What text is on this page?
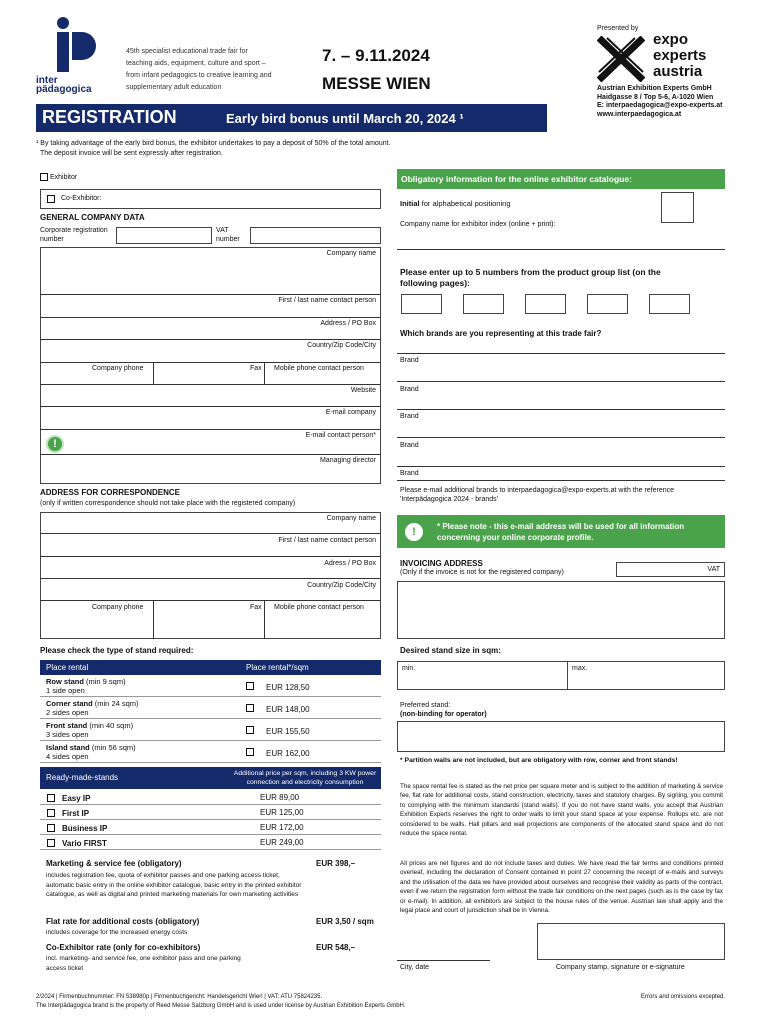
inter
pädagogica
45th specialist educational trade fair for teaching aids, equipment, culture and sport – from infant pedagogics to creative learning and supplementary adult education
7. – 9.11.2024
MESSE WIEN
Presented by
expo
experts
austria
Austrian Exhibition Experts GmbH
Haidgasse 8 / Top 5-6, A-1020 Wien
E: interpaedagogica@expo-experts.at
www.interpaedagogica.at
REGISTRATION	Early bird bonus until March 20, 2024 ¹
¹ By taking advantage of the early bird bonus, the exhibitor undertakes to pay a deposit of 50% of the total amount.
The deposit invoice will be sent expressly after registration.
Exhibitor
Co-Exhibitor:
GENERAL COMPANY DATA
Corporate registration number
VAT number
Company name
First / last name contact person
Address / PO Box
Country/Zip Code/City
Company phone	Fax Mobile phone contact person
Website
E-mail company
E-mail contact person*
!
Managing director
ADDRESS FOR CORRESPONDENCE
(only if written correspondence should not take place with the registered company)
Company name
First / last name contact person
Adress / PO Box
Country/Zip Code/City
Company phone	Fax Mobile phone contact person
Obligatory information for the online exhibitor catalogue:
Initial for alphabetical positioning
Company name for exhibitor index (online + print):
Please enter up to 5 numbers from the product group list (on the following pages):
Which brands are you representing at this trade fair?
Brand
Brand
Brand
Brand
Brand
Please e-mail additional brands to interpaedagogica@expo-experts.at with the reference 'Interpädagogica 2024 - brands'
!	* Please note - this e-mail address will be used for all information concerning your online corporate profile.
INVOICING ADDRESS
(Only if the invoice is not for the registered company)	VAT
Please check the type of stand required:
Place rental	Place rental*/sqm
Row stand (min 9 sqm)
1 side open	EUR 128,50
Corner stand (min 24 sqm)
2 sides open	EUR 148,00
Front stand (min 40 sqm)
3 sides open	EUR 155,50
Island stand (min 56 sqm)
4 sides open	EUR 162,00
Ready-made-stands	Additional price per sqm, including 3 KW power connection and electricity consumption
Easy IP	EUR 89,00
First IP	EUR 125,00
Business IP	EUR 172,00
Vario FIRST	EUR 249,00
Marketing & service fee (obligatory)	EUR 398,–
includes registration fee, quota of exhibitor passes and one parking access ticket, automatic basic entry in the online exhibitor catalogue, basic entry in the printed exhibitor catalogue, as well as digital and printed marketing materials for own marketing activities
Flat rate for additional costs (obligatory)	EUR 3,50 / sqm
includes coverage for the increased energy costs
Co-Exhibitor rate (only for co-exhibitors)	EUR 548,–
incl. marketing- and service fee, one exhibitor pass and one parking access ticket
Desired stand size in sqm:
min.	max.
Preferred stand:
(non-binding for operator)
* Partition walls are not included, but are obligatory with row, corner and front stands!
The space rental fee is stated as the net price per square meter and is subject to the addition of marketing & service fee, flat rate for additional costs, stand construction, electricity, taxes and statutory charges. By signing, you commit to complying with the minimum standards (stand walls). If you do not have stand walls, you accept that Austrian Exhibition Experts reserves the right to order walls to limit your stand space at your expense. Rollups etc. are not considered to be walls. Hall pillars and wall projections are components of the allocated stand space and do not reduce the space rental.
All prices are net figures and do not include taxes and duties. We have read the fair terms and conditions printed overleaf, including the declaration of Consent contained in point 27 concerning the receipt of e-mails and surveys and the utilisation of the data we have provided about ourselves and recognise their validity as parts of the contract, even if we return the registration form without the trade fair conditions on the next pages (such as is the case by fax or e-mail). In addition, all exhibitors are subject to the house rules of the venue. Austrian law shall apply and the legal place and court of jurisdiction shall be in Vienna.
City, date	Company stamp, signature or e-signature
2/2024 | Firmenbuchnummer: FN 538980p | Firmenbuchgericht: Handelsgericht Wien | VAT: ATU 75824235.
The Interpädagogica brand is the property of Reed Messe Salzburg GmbH and is used under license by Austrian Exhibition Experts GmbH.
Errors and omissions excepted.
